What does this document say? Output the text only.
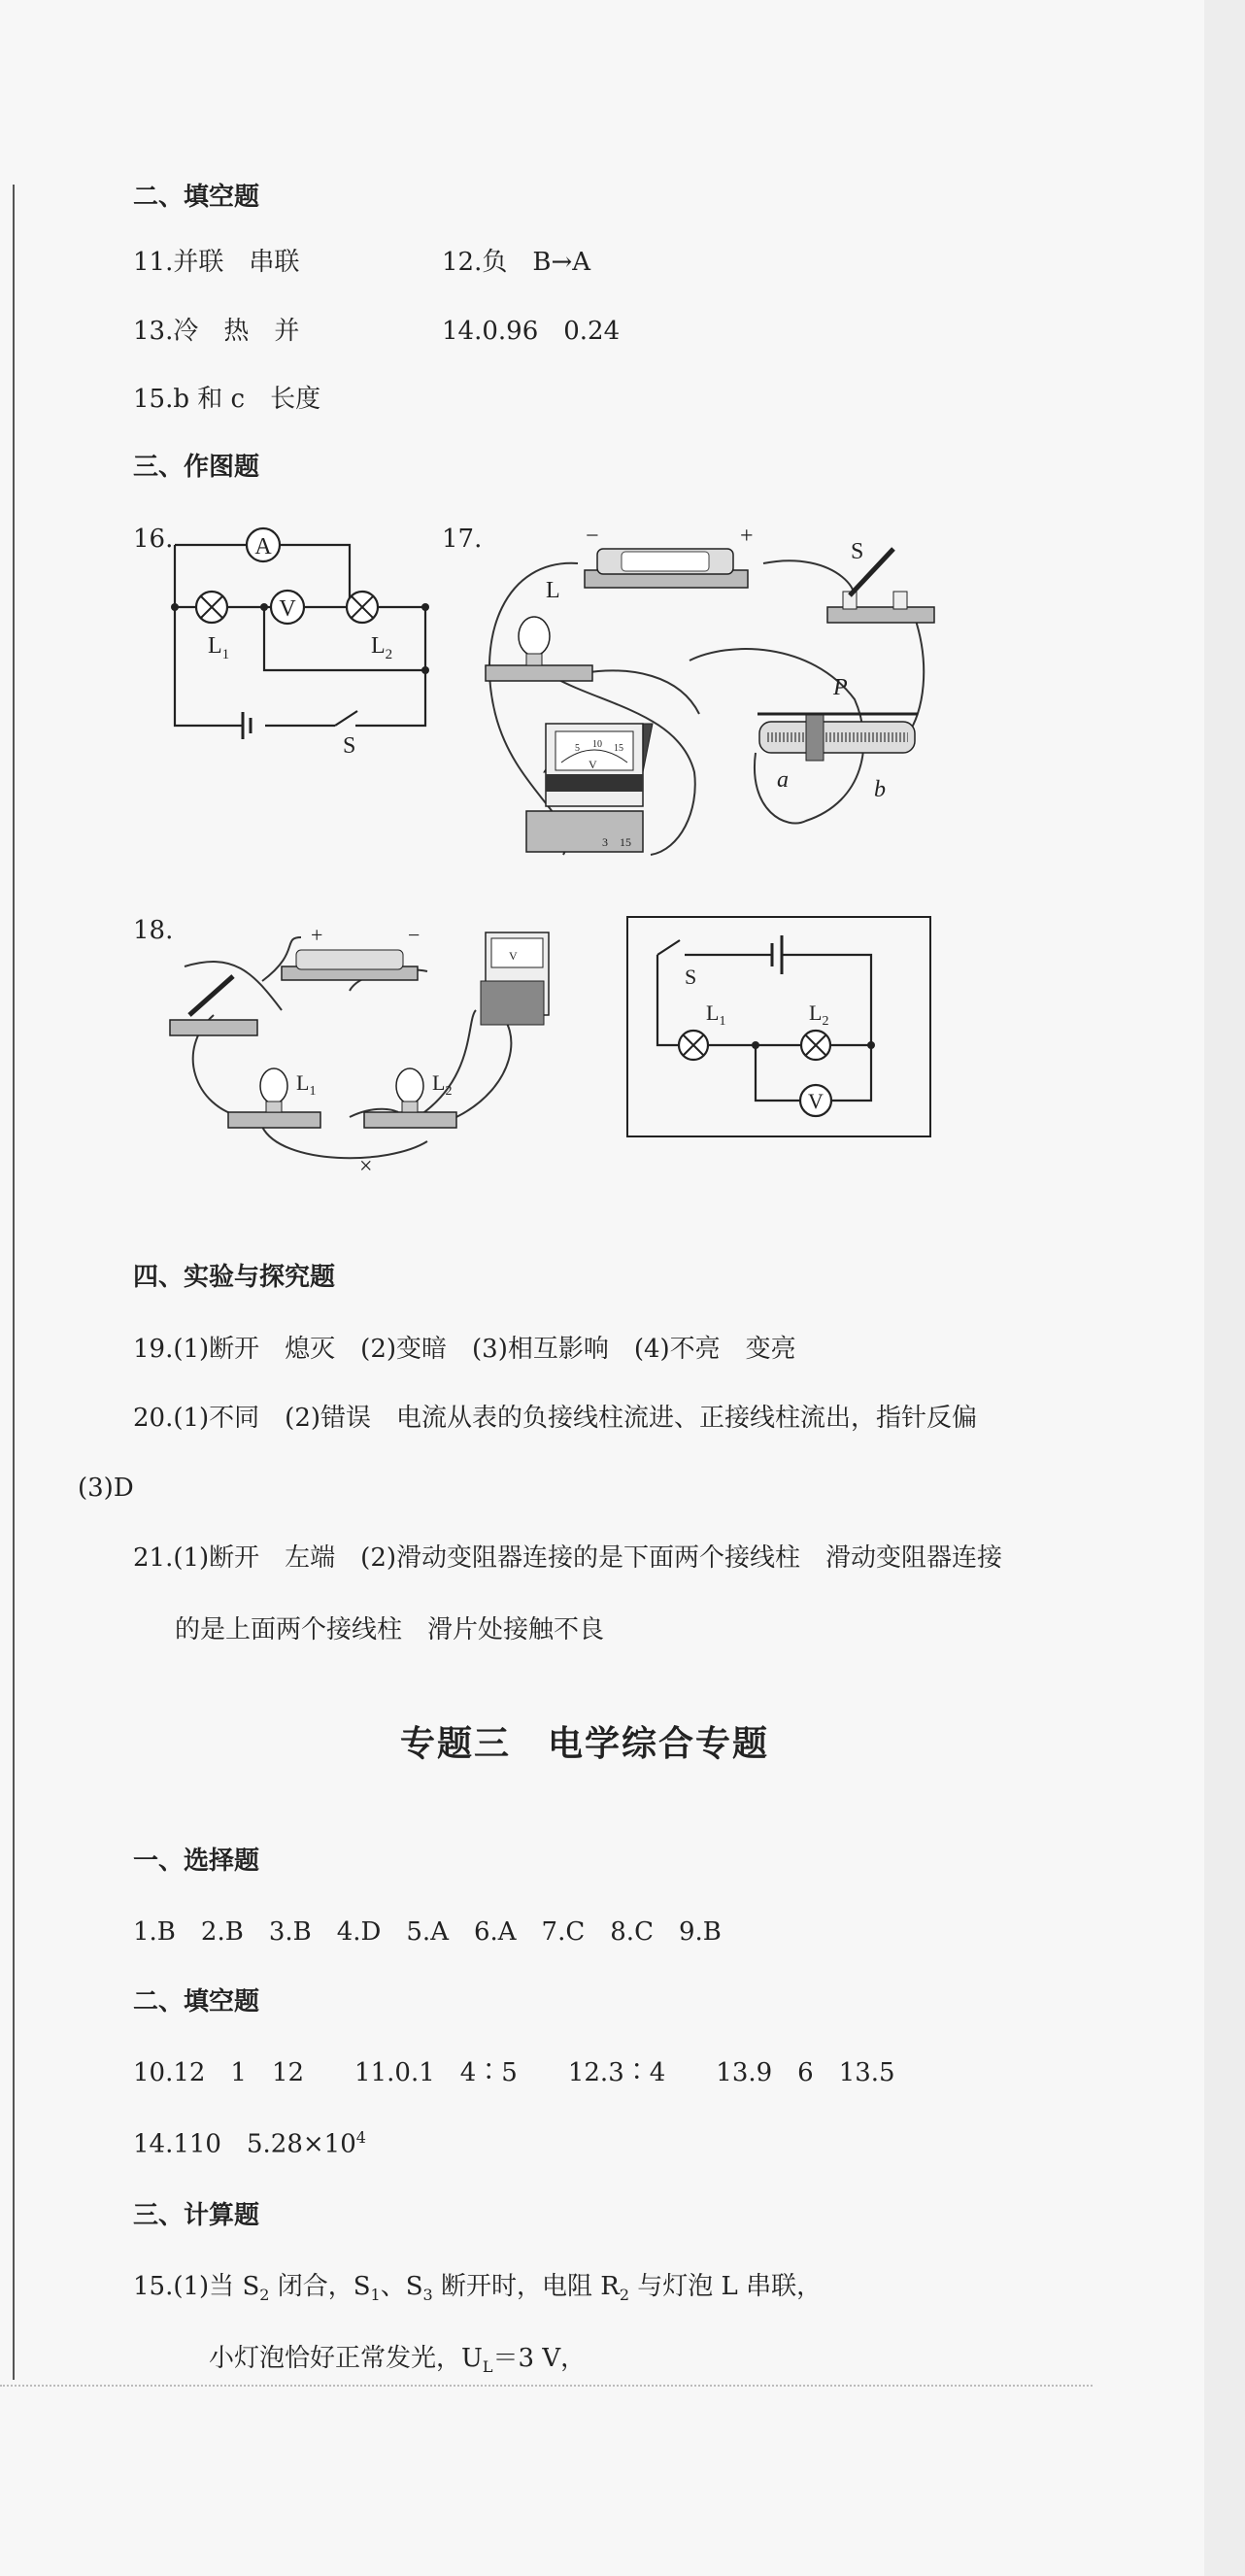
二、填空题
11.并联　串联	12.负　B→A
13.冷　热　并	14.0.96　0.24
15.b 和 c　长度
三、作图题
16.	17.
A
V
$L_1$	$L_2$
S
−	+
S
L
P
a	b
5 10 15
V
3 15
18.	+	−
V
$L_1$	$L_2$
×
V
S
$L_1$	$L_2$
四、实验与探究题
19.(1)断开　熄灭　(2)变暗　(3)相互影响　(4)不亮　变亮
20.(1)不同　(2)错误　电流从表的负接线柱流进、正接线柱流出，指针反偏
(3)D
21.(1)断开　左端　(2)滑动变阻器连接的是下面两个接线柱　滑动变阻器连接
的是上面两个接线柱　滑片处接触不良
专题三　电学综合专题
一、选择题
1.B　2.B　3.B　4.D　5.A　6.A　7.C　8.C　9.B
二、填空题
10.12　1　12　　11.0.1　4∶5　　12.3∶4　　13.9　6　13.5
14.110　$5.28\times 10^4$
三、计算题
15.(1)当 $S_2$ 闭合，$S_1$、$S_3$ 断开时，电阻 $R_2$ 与灯泡 L 串联，
小灯泡恰好正常发光，$U_L=3$ V，
